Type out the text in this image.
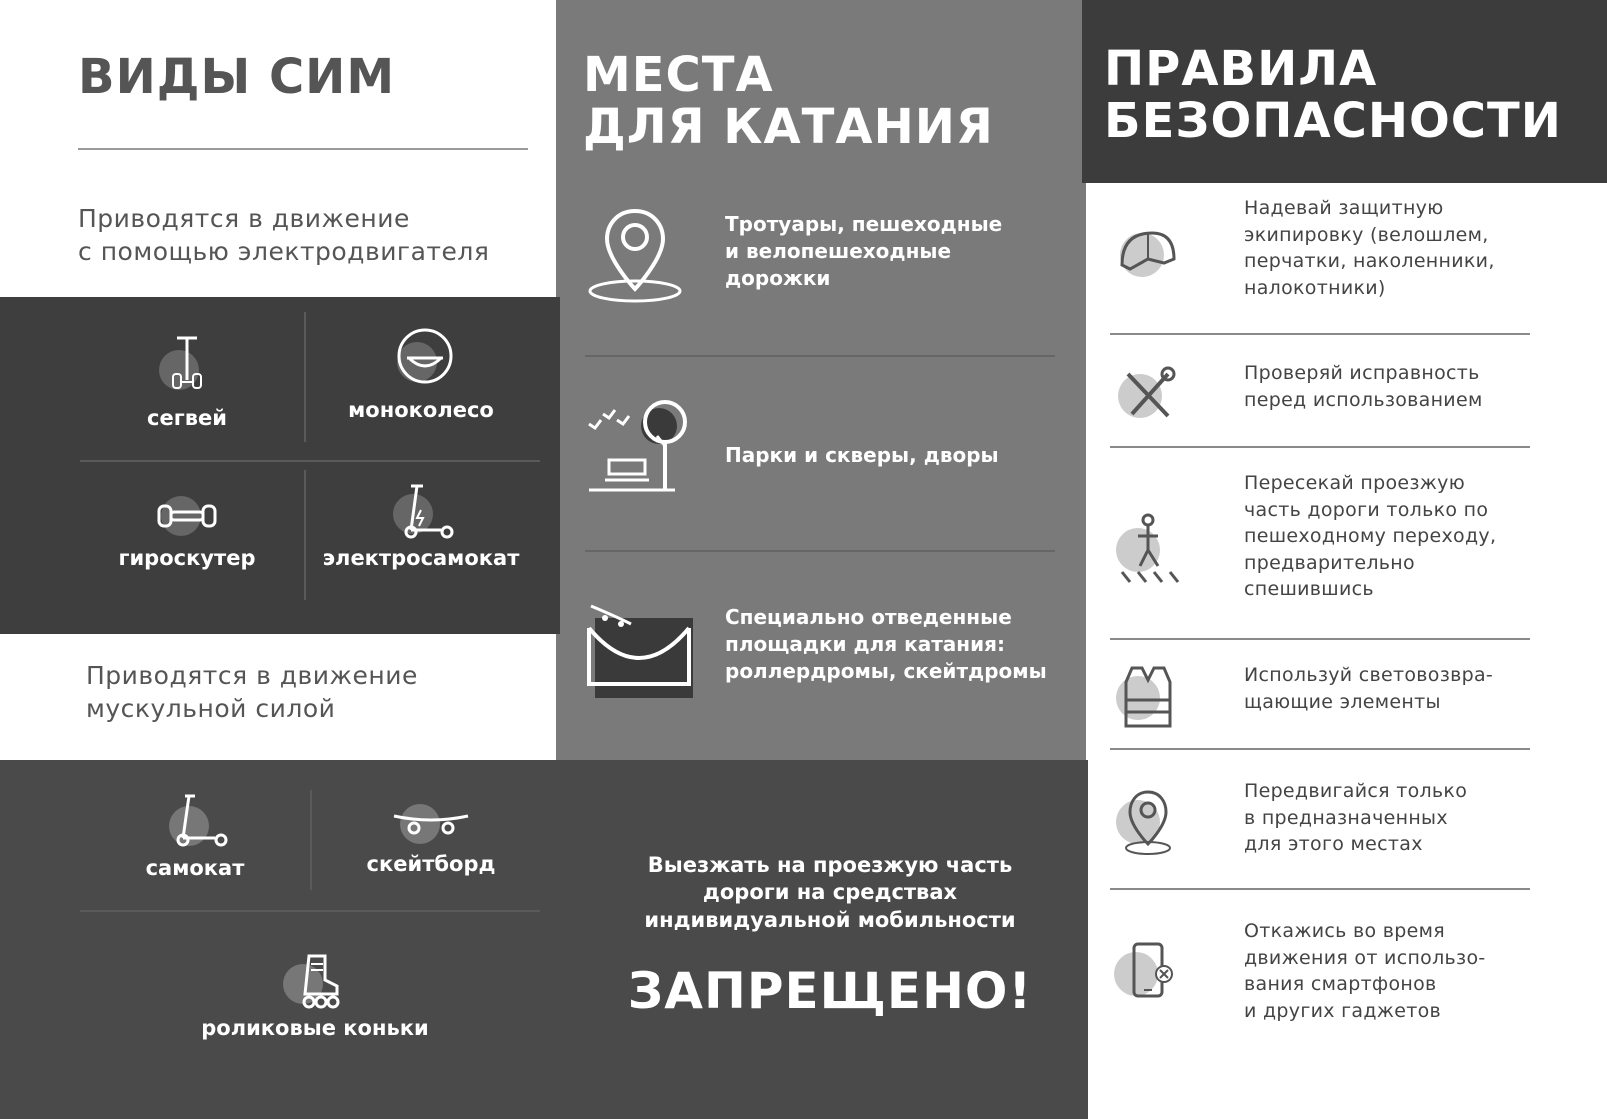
ВИДЫ СИМ
Приводятся в движение
с помощью электродвигателя
сегвей	моноколесо
гироскутер	электросамокат
Приводятся в движение
мускульной силой
самокат	скейтборд
роликовые коньки
МЕСТА
ДЛЯ КАТАНИЯ
Тротуары, пешеходные
и велопешеходные
дорожки
Парки и скверы, дворы
Специально отведенные
площадки для катания:
роллердромы, скейтдромы
Выезжать на проезжую часть
дороги на средствах
индивидуальной мобильности
ЗАПРЕЩЕНО!
ПРАВИЛА
БЕЗОПАСНОСТИ
Надевай защитную
экипировку (велошлем,
перчатки, наколенники,
налокотники)
Проверяй исправность
перед использованием
Пересекай проезжую
часть дороги только по
пешеходному переходу,
предварительно
спешившись
Используй световозвра-
щающие элементы
Передвигайся только
в предназначенных
для этого местах
Откажись во время
движения от использо-
вания смартфонов
и других гаджетов
